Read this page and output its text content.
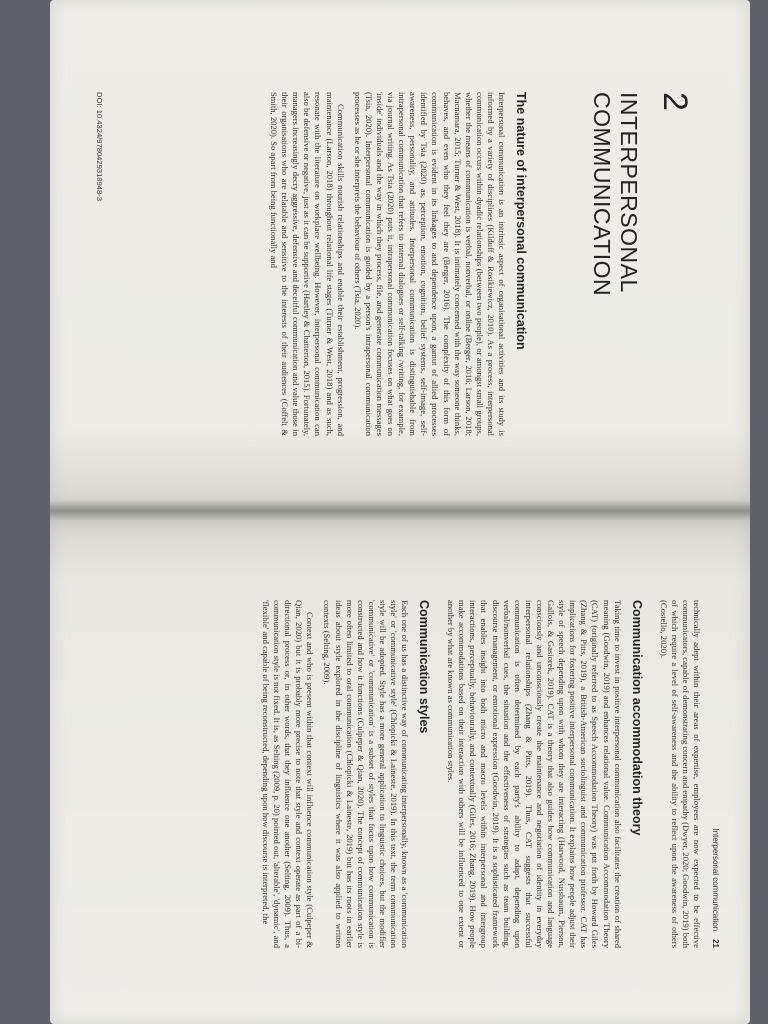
2
INTERPERSONAL
COMMUNICATION
The nature of interpersonal communication

Interpersonal communication is an intrinsic aspect of organisational activities and its study is informed by a variety of disciplines (Kilduff & Rosikiewicz, 2010). As a process, interpersonal communication occurs within dyadic relationships (between two people), or amongst small groups, whether the means of communication is verbal, nonverbal, or online (Berger, 2016; Larson, 2018; Macnamara, 2015; Turner & West, 2018). It is intimately concerned with the way someone thinks, behaves, and even who they feel they are (Berger, 2016). The complexity of this form of communication is evident in its linkages to and dependence upon, a gamut of allied processes identified by Tsia (2020) as, perception, emotion, cognition, belief systems, self-image, self-awareness, personality, and attitudes. Interpersonal communication is distinguishable from intrapersonal communication that refers to internal dialogues or self-talking /writing, for example, via journal writing. As Tsia (2020) puts it, intrapersonal communication focuses on what goes on 'inside' individuals and the way in which they process, file, and generate communication messages (Tsia, 2020). Interpersonal communication is guided by a person's intrapersonal communication processes as he or she interprets the behaviour of others (Tsia, 2020).

Communication skills nourish relationships and enable their establishment, progression, and maintenance (Larson, 2018) throughout relational life stages (Turner & West, 2018) and as such, resonate with the literature on workplace wellbeing. However, interpersonal communication can also be defensive or negative, just as it can be supportive (Hartley & Chatterton, 2015). Fortunately, managers increasingly decry aggressive, defensive and deceitful communication and value those in their organisations who are relatable and sensitive to the interests of their audiences (Coffelt & Smith, 2020). So apart from being functionally and

DOI: 10.4324/9780429318948-3
Interpersonal communication21

technically adept within their areas of expertise, employees are now expected to be effective communicators, capable of demonstrating concern and empathy (Dwyer, 2020; Goodwin, 2019) both of which require a level of self-awareness and the ability to reflect upon the awareness of others (Costello, 2020).

Communication accommodation theory

Taking time to invest in positive interpersonal communication also facilitates the creation of shared meaning (Goodwin, 2019) and enhances relational value. Communication Accommodation Theory (CAT) (originally referred to as Speech Accommodation Theory) was put forth by Howard Giles (Zhang & Pitts, 2019), a British-American sociolinguist and communication professor. CAT has implications for fostering positive interpersonal communication. It explains how people adjust their style of speech depending upon with whom they are interacting (Harwood, Nussbaum, Pierson, Gallois, & Gasiorek, 2019). CAT is a theory that also guides how communication and language consciously and unconsciously create the maintenance and negotiation of identity in everyday interpersonal relationships (Zhang & Pitts, 2019). Thus, CAT suggests that successful communication is often determined by each party's ability to adapt, depending upon verbal/nonverbal cues, the situation and the effectiveness of strategies such as team building, discourse management, or emotional expression (Goodwin, 2019). It is a sophisticated framework that enables insight into both micro and macro levels within interpersonal and intergroup interactions, perceptually, behaviourally, and contextually (Giles, 2016; Zhang, 2019). How people make accommodations based on their interaction with others will be influenced to one extent or another by what are known as communication styles.

Communication styles

Each one of us has a distinctive way of communicating interpersonally, known as a 'communication style' or 'communicative style' (Chlopicki & Laineste, 2019). In this text, the term communication style will be adopted. Style has a more general application to linguistic choices, but the modifier 'communicative' or 'communication' is a subset of styles that focus upon how communication is constructed and how it functions (Culpeper & Qian, 2020). The concept of communication style is more often limited to oral communication (Chlopicki & Laineste, 2019) but has its roots in earlier ideas about style explored in the discipline of linguistics where it was also applied to written contexts (Selting, 2009).

Context and who is present within that context will influence communication style (Culpeper & Qian, 2020) but it is probably more precise to note that style and context operate as part of a bi-directional process or, in other words, that they influence one another (Selting, 2009). Thus, a communication style is not fixed. It is, as Selting (2009, p. 20) pointed out, 'alterable', 'dynamic', and 'flexible' and capable of being reconstructed, depending upon how discourse is interpreted, the
